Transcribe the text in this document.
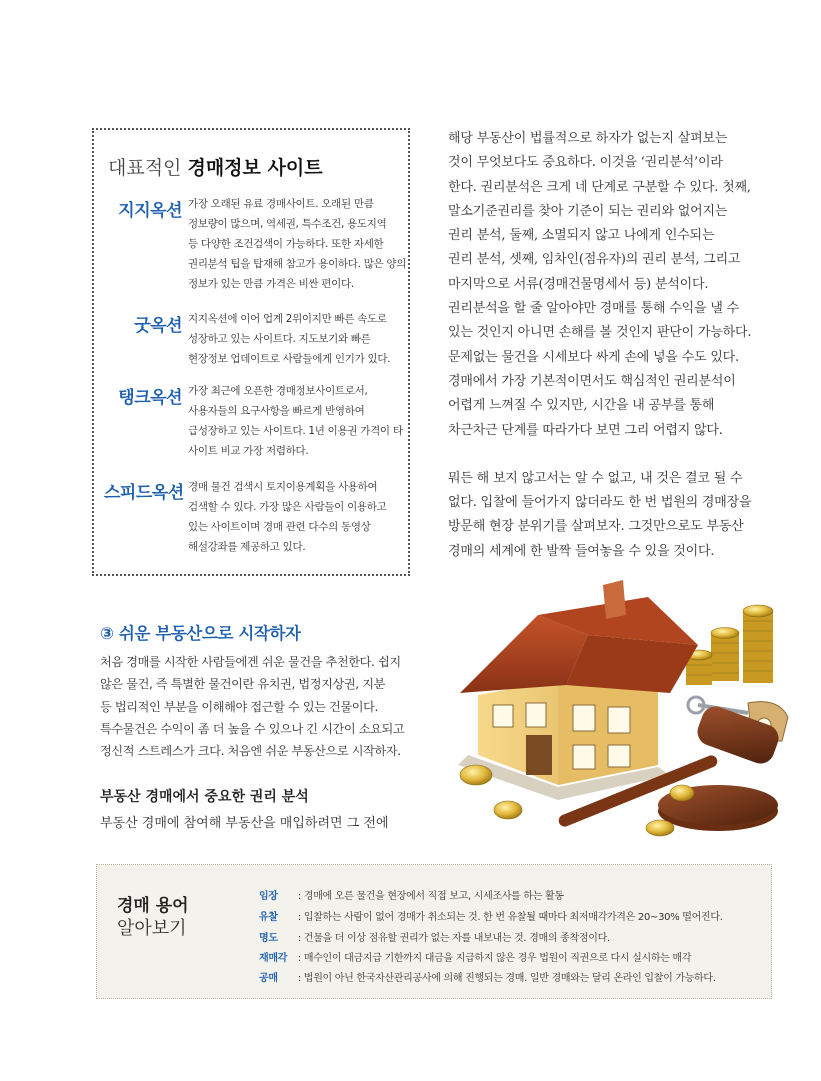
대표적인 경매정보 사이트
지지옥션 가장 오래된 유료 경매사이트. 오래된 만큼
정보량이 많으며, 역세권, 특수조건, 용도지역
등 다양한 조건검색이 가능하다. 또한 자세한
권리분석 팁을 탑재해 참고가 용이하다. 많은 양의
정보가 있는 만큼 가격은 비싼 편이다.
굿옥션 지지옥션에 이어 업계 2위이지만 빠른 속도로
성장하고 있는 사이트다. 지도보기와 빠른
현장정보 업데이트로 사람들에게 인기가 있다.
탱크옥션 가장 최근에 오픈한 경매정보사이트로서,
사용자들의 요구사항을 빠르게 반영하여
급성장하고 있는 사이트다. 1년 이용권 가격이 타
사이트 비교 가장 저렴하다.
스피드옥션 경매 물건 검색시 토지이용계획을 사용하여
검색할 수 있다. 가장 많은 사람들이 이용하고
있는 사이트이며 경매 관련 다수의 동영상
해설강좌를 제공하고 있다.
해당 부동산이 법률적으로 하자가 없는지 살펴보는
것이 무엇보다도 중요하다. 이것을 ‘권리분석’이라
한다. 권리분석은 크게 네 단계로 구분할 수 있다. 첫째,
말소기준권리를 찾아 기준이 되는 권리와 없어지는
권리 분석, 둘째, 소멸되지 않고 나에게 인수되는
권리 분석, 셋째, 임차인(점유자)의 권리 분석, 그리고
마지막으로 서류(경매건물명세서 등) 분석이다.
권리분석을 할 줄 알아야만 경매를 통해 수익을 낼 수
있는 것인지 아니면 손해를 볼 것인지 판단이 가능하다.
문제없는 물건을 시세보다 싸게 손에 넣을 수도 있다.
경매에서 가장 기본적이면서도 핵심적인 권리분석이
어렵게 느껴질 수 있지만, 시간을 내 공부를 통해
차근차근 단계를 따라가다 보면 그리 어렵지 않다.
뭐든 해 보지 않고서는 알 수 없고, 내 것은 결코 될 수
없다. 입찰에 들어가지 않더라도 한 번 법원의 경매장을
방문해 현장 분위기를 살펴보자. 그것만으로도 부동산
경매의 세계에 한 발짝 들여놓을 수 있을 것이다.
③ 쉬운 부동산으로 시작하자
처음 경매를 시작한 사람들에겐 쉬운 물건을 추천한다. 쉽지
않은 물건, 즉 특별한 물건이란 유치권, 법정지상권, 지분
등 법리적인 부분을 이해해야 접근할 수 있는 건물이다.
특수물건은 수익이 좀 더 높을 수 있으나 긴 시간이 소요되고
정신적 스트레스가 크다. 처음엔 쉬운 부동산으로 시작하자.
부동산 경매에서 중요한 권리 분석
부동산 경매에 참여해 부동산을 매입하려면 그 전에
경매 용어
알아보기
임장 : 경매에 오른 물건을 현장에서 직접 보고, 시세조사를 하는 활동
유찰 : 입찰하는 사람이 없어 경매가 취소되는 것. 한 번 유찰될 때마다 최저매각가격은 20~30% 떨어진다.
명도 : 건물을 더 이상 점유할 권리가 없는 자를 내보내는 것. 경매의 종착점이다.
재매각 : 매수인이 대금지급 기한까지 대금을 지급하지 않은 경우 법원이 직권으로 다시 실시하는 매각
공매 : 법원이 아닌 한국자산관리공사에 의해 진행되는 경매. 일반 경매와는 달리 온라인 입찰이 가능하다.
